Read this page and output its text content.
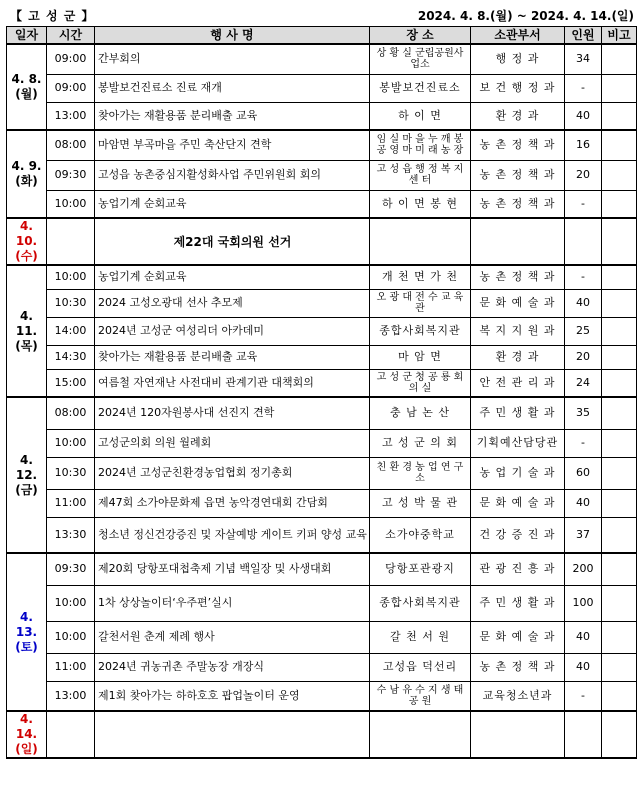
【 고 성 군 】	2024. 4. 8.(월) ~ 2024. 4. 14.(일)
일자	시간	행 사 명	장 소	소관부서	인원	비고

4. 8.
(월)	09:00	간부회의	상 황 실 군립공원사업소	행 정 과	34	
	09:00	봉발보건진료소 진료 재개	봉발보건진료소	보 건 행 정 과	-	
	13:00	찾아가는 재활용품 분리배출 교육	하 이 면	환 경 과	40	

4. 9.
(화)	08:00	마암면 부곡마을 주민 축산단지 견학	임 실 마 을 누 깨 봉 공 영 마 미 래 농 장	농 촌 정 책 과	16	
	09:30	고성읍 농촌중심지활성화사업 주민위원회 회의	고 성 읍 행 정 복 지 센 터	농 촌 정 책 과	20	
	10:00	농업기계 순회교육	하 이 면 봉 현	농 촌 정 책 과	-	

4. 10.
(수)		제22대 국회의원 선거				

4. 11.
(목)	10:00	농업기계 순회교육	개 천 면 가 천	농 촌 정 책 과	-	
	10:30	2024 고성오광대 선사 추모제	오 광 대 전 수 교 육 관	문 화 예 술 과	40	
	14:00	2024년 고성군 여성리더 아카데미	종합사회복지관	복 지 지 원 과	25	
	14:30	찾아가는 재활용품 분리배출 교육	마 암 면	환 경 과	20	
	15:00	여름철 자연재난 사전대비 관계기관 대책회의	고 성 군 청 공 룡 회 의 실	안 전 관 리 과	24	

4. 12.
(금)	08:00	2024년 120자원봉사대 선진지 견학	충 남 논 산	주 민 생 활 과	35	
	10:00	고성군의회 의원 월례회	고 성 군 의 회	기획예산담당관	-	
	10:30	2024년 고성군친환경농업협회 정기총회	친 환 경 농 업 연 구 소	농 업 기 술 과	60	
	11:00	제47회 소가야문화제 읍면 농악경연대회 간담회	고 성 박 물 관	문 화 예 술 과	40	
	13:30	청소년 정신건강증진 및 자살예방 게이트 키퍼 양성 교육	소가야중학교	건 강 증 진 과	37	

4. 13.
(토)	09:30	제20회 당항포대첩축제 기념 백일장 및 사생대회	당항포관광지	관 광 진 흥 과	200	
	10:00	1차 상상놀이터‘우주편’실시	종합사회복지관	주 민 생 활 과	100	
	10:00	갈천서원 춘계 제례 행사	갈 천 서 원	문 화 예 술 과	40	
	11:00	2024년 귀농귀촌 주말농장 개장식	고성읍 덕선리	농 촌 정 책 과	40	
	13:00	제1회 찾아가는 하하호호 팝업놀이터 운영	수 남 유 수 지 생 태 공 원	교육청소년과	-	

4. 14.
(일)						
